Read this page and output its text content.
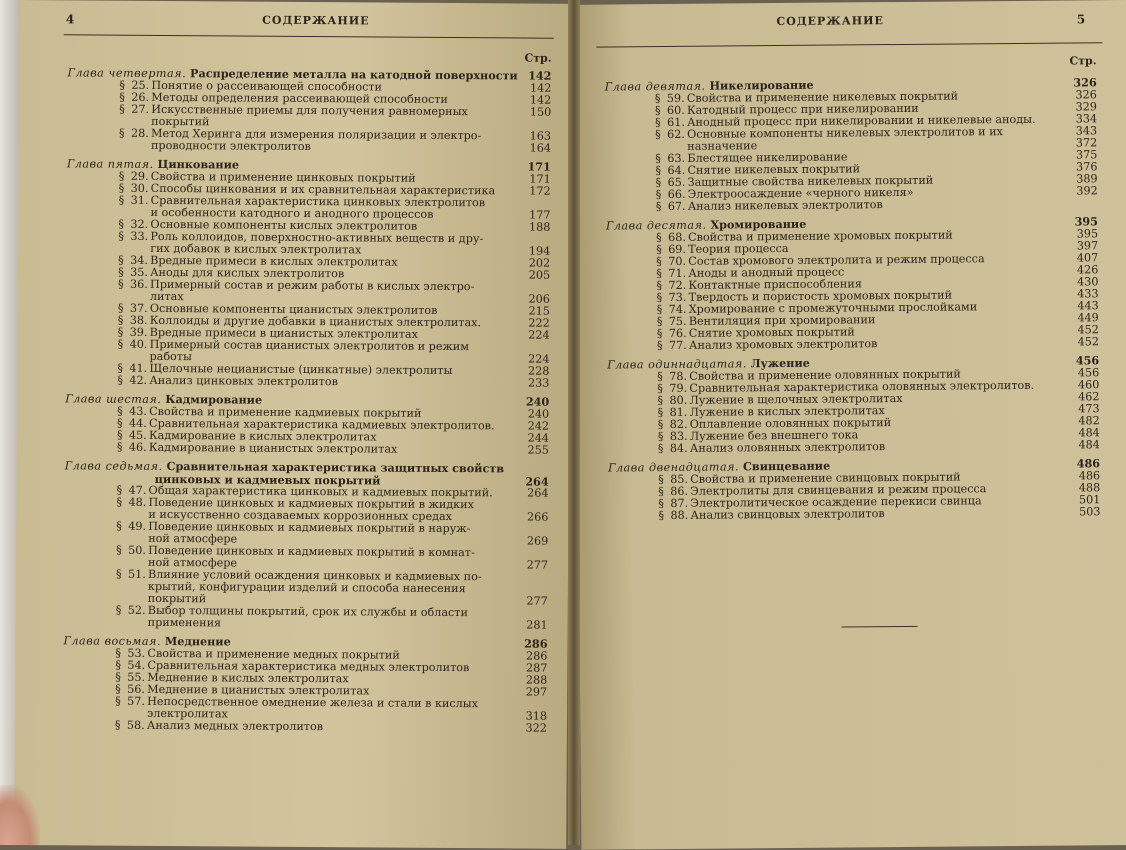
4	СОДЕРЖАНИЕ
Стр.
Глава четвертая. Распределение металла на катодной поверхности 142
§ 25. Понятие о рассеивающей способности	142
§ 26. Методы определения рассеивающей способности	142
§ 27. Искусственные приемы для получения равномерных	150
покрытий
§ 28. Метод Херинга для измерения поляризации и электро-	163
проводности электролитов	164
Глава пятая. Цинкование	171
§ 29. Свойства и применение цинковых покрытий	171
§ 30. Способы цинкования и их сравнительная характеристика	172
§ 31. Сравнительная характеристика цинковых электролитов
и особенности катодного и анодного процессов	177
§ 32. Основные компоненты кислых электролитов	188
§ 33. Роль коллоидов, поверхностно-активных веществ и дру-
гих добавок в кислых электролитах	194
§ 34. Вредные примеси в кислых электролитах	202
§ 35. Аноды для кислых электролитов	205
§ 36. Примерный состав и режим работы в кислых электро-
литах	206
§ 37. Основные компоненты цианистых электролитов	215
§ 38. Коллоиды и другие добавки в цианистых электролитах.	222
§ 39. Вредные примеси в цианистых электролитах	224
§ 40. Примерный состав цианистых электролитов и режим
работы	224
§ 41. Щелочные нецианистые (цинкатные) электролиты	228
§ 42. Анализ цинковых электролитов	233
Глава шестая. Кадмирование	240
§ 43. Свойства и применение кадмиевых покрытий	240
§ 44. Сравнительная характеристика кадмиевых электролитов.	242
§ 45. Кадмирование в кислых электролитах	244
§ 46. Кадмирование в цианистых электролитах	255
Глава седьмая. Сравнительная характеристика защитных свойств
цинковых и кадмиевых покрытий	264
§ 47. Общая характеристика цинковых и кадмиевых покрытий.	264
§ 48. Поведение цинковых и кадмиевых покрытий в жидких
и искусственно создаваемых коррозионных средах	266
§ 49. Поведение цинковых и кадмиевых покрытий в наруж-
ной атмосфере	269
§ 50. Поведение цинковых и кадмиевых покрытий в комнат-
ной атмосфере	277
§ 51. Влияние условий осаждения цинковых и кадмиевых по-
крытий, конфигурации изделий и способа нанесения
покрытий	277
§ 52. Выбор толщины покрытий, срок их службы и области
применения	281
Глава восьмая. Меднение	286
§ 53. Свойства и применение медных покрытий	286
§ 54. Сравнительная характеристика медных электролитов	287
§ 55. Меднение в кислых электролитах	288
§ 56. Меднение в цианистых электролитах	297
§ 57. Непосредственное омеднение железа и стали в кислых
электролитах	318
§ 58. Анализ медных электролитов	322
СОДЕРЖАНИЕ	5
Стр.
Глава девятая. Никелирование	326
§ 59. Свойства и применение никелевых покрытий	326
§ 60. Катодный процесс при никелировании	329
§ 61. Анодный процесс при никелировании и никелевые аноды.	334
§ 62. Основные компоненты никелевых электролитов и их	343
назначение	372
§ 63. Блестящее никелирование	375
§ 64. Снятие никелевых покрытий	376
§ 65. Защитные свойства никелевых покрытий	389
§ 66. Электроосаждение «черного никеля»	392
§ 67. Анализ никелевых электролитов
Глава десятая. Хромирование	395
§ 68. Свойства и применение хромовых покрытий	395
§ 69. Теория процесса	397
§ 70. Состав хромового электролита и режим процесса	407
§ 71. Аноды и анодный процесс	426
§ 72. Контактные приспособления	430
§ 73. Твердость и пористость хромовых покрытий	433
§ 74. Хромирование с промежуточными прослойками	443
§ 75. Вентиляция при хромировании	449
§ 76. Снятие хромовых покрытий	452
§ 77. Анализ хромовых электролитов	452
Глава одиннадцатая. Лужение	456
§ 78. Свойства и применение оловянных покрытий	456
§ 79. Сравнительная характеристика оловянных электролитов.	460
§ 80. Лужение в щелочных электролитах	462
§ 81. Лужение в кислых электролитах	473
§ 82. Оплавление оловянных покрытий	482
§ 83. Лужение без внешнего тока	484
§ 84. Анализ оловянных электролитов	484
Глава двенадцатая. Свинцевание	486
§ 85. Свойства и применение свинцовых покрытий	486
§ 86. Электролиты для свинцевания и режим процесса	488
§ 87. Электролитическое осаждение перекиси свинца	501
§ 88. Анализ свинцовых электролитов	503
